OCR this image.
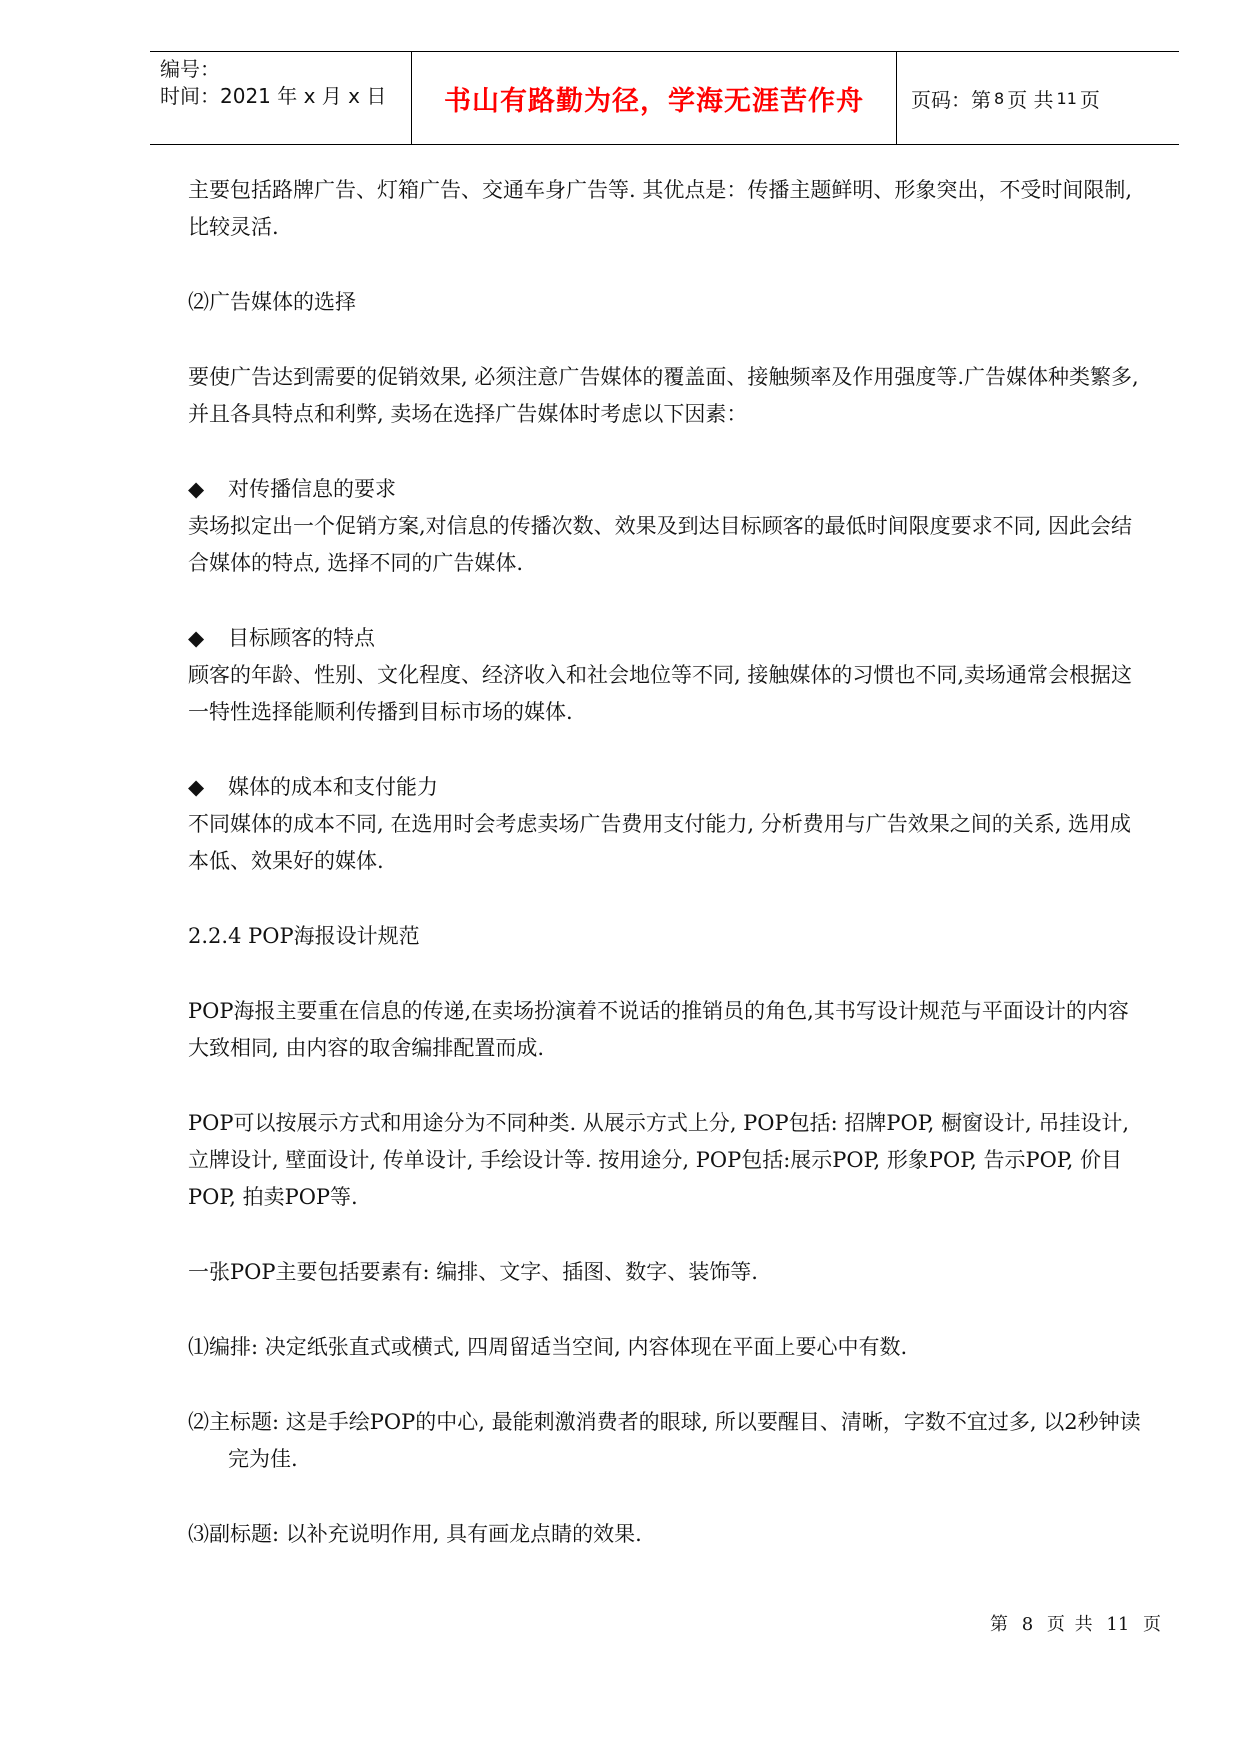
编号：
时间：2021 年 x 月 x 日	书山有路勤为径，学海无涯苦作舟	页码：第 8 页 共 11 页

主要包括路牌广告、灯箱广告、交通车身广告等. 其优点是：传播主题鲜明、形象突出，不受时间限制, 比较灵活.

⑵广告媒体的选择

要使广告达到需要的促销效果, 必须注意广告媒体的覆盖面、接触频率及作用强度等.广告媒体种类繁多, 并且各具特点和利弊, 卖场在选择广告媒体时考虑以下因素：

◆ 对传播信息的要求

卖场拟定出一个促销方案,对信息的传播次数、效果及到达目标顾客的最低时间限度要求不同, 因此会结合媒体的特点, 选择不同的广告媒体.

◆ 目标顾客的特点

顾客的年龄、性别、文化程度、经济收入和社会地位等不同, 接触媒体的习惯也不同,卖场通常会根据这一特性选择能顺利传播到目标市场的媒体.

◆ 媒体的成本和支付能力

不同媒体的成本不同, 在选用时会考虑卖场广告费用支付能力, 分析费用与广告效果之间的关系, 选用成本低、效果好的媒体.

2.2.4 POP海报设计规范

POP海报主要重在信息的传递,在卖场扮演着不说话的推销员的角色,其书写设计规范与平面设计的内容大致相同, 由内容的取舍编排配置而成.

POP可以按展示方式和用途分为不同种类. 从展示方式上分, POP包括: 招牌POP, 橱窗设计, 吊挂设计, 立牌设计, 壁面设计, 传单设计, 手绘设计等. 按用途分, POP包括:展示POP, 形象POP, 告示POP, 价目POP, 拍卖POP等.

一张POP主要包括要素有: 编排、文字、插图、数字、装饰等.

⑴编排: 决定纸张直式或横式, 四周留适当空间, 内容体现在平面上要心中有数.

⑵主标题: 这是手绘POP的中心, 最能刺激消费者的眼球, 所以要醒目、清晰，字数不宜过多, 以2秒钟读完为佳.

⑶副标题: 以补充说明作用, 具有画龙点睛的效果.

第 8 页 共 11 页
